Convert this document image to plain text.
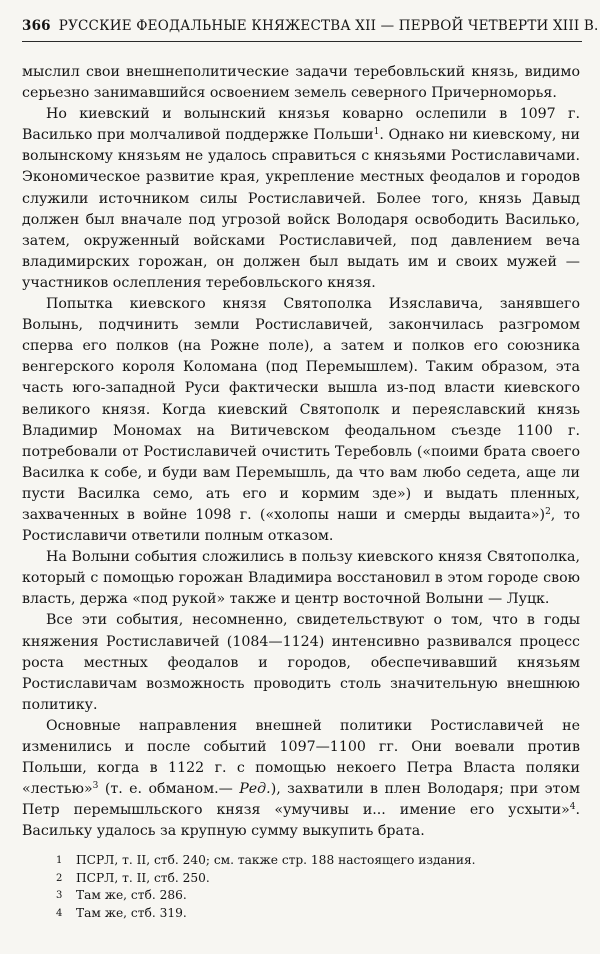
366 РУССКИЕ ФЕОДАЛЬНЫЕ КНЯЖЕСТВА XII — ПЕРВОЙ ЧЕТВЕРТИ XIII В.

мыслил свои внешнеполитические задачи теребовльский князь, видимо серьезно занимавшийся освоением земель северного Причерноморья.

Но киевский и волынский князья коварно ослепили в 1097 г. Василько при молчаливой поддержке Польши$^1$. Однако ни киевскому, ни волынскому князьям не удалось справиться с князьями Ростиславичами. Экономическое развитие края, укрепление местных феодалов и городов служили источником силы Ростиславичей. Более того, князь Давыд должен был вначале под угрозой войск Володаря освободить Василько, затем, окруженный войсками Ростиславичей, под давлением веча владимирских горожан, он должен был выдать им и своих мужей — участников ослепления теребовльского князя.

Попытка киевского князя Святополка Изяславича, занявшего Волынь, подчинить земли Ростиславичей, закончилась разгромом сперва его полков (на Рожне поле), а затем и полков его союзника венгерского короля Коломана (под Перемышлем). Таким образом, эта часть юго-западной Руси фактически вышла из-под власти киевского великого князя. Когда киевский Святополк и переяславский князь Владимир Мономах на Витичевском феодальном съезде 1100 г. потребовали от Ростиславичей очистить Теребовль («поими брата своего Василка к собе, и буди вам Перемышль, да что вам любо седета, аще ли пусти Василка семо, ать его и кормим зде») и выдать пленных, захваченных в войне 1098 г. («холопы наши и смерды выдаита»)$^2$, то Ростиславичи ответили полным отказом.

На Волыни события сложились в пользу киевского князя Святополка, который с помощью горожан Владимира восстановил в этом городе свою власть, держа «под рукой» также и центр восточной Волыни — Луцк.

Все эти события, несомненно, свидетельствуют о том, что в годы княжения Ростиславичей (1084—1124) интенсивно развивался процесс роста местных феодалов и городов, обеспечивавший князьям Ростиславичам возможность проводить столь значительную внешнюю политику.

Основные направления внешней политики Ростиславичей не изменились и после событий 1097—1100 гг. Они воевали против Польши, когда в 1122 г. с помощью некоего Петра Власта поляки «лестью»$^3$ (т. е. обманом.— Ред.), захватили в плен Володаря; при этом Петр перемышльского князя «умучивы и... имение его усхыти»$^4$. Васильку удалось за крупную сумму выкупить брата.

1 ПСРЛ, т. II, стб. 240; см. также стр. 188 настоящего издания.
2 ПСРЛ, т. II, стб. 250.
3 Там же, стб. 286.
4 Там же, стб. 319.
